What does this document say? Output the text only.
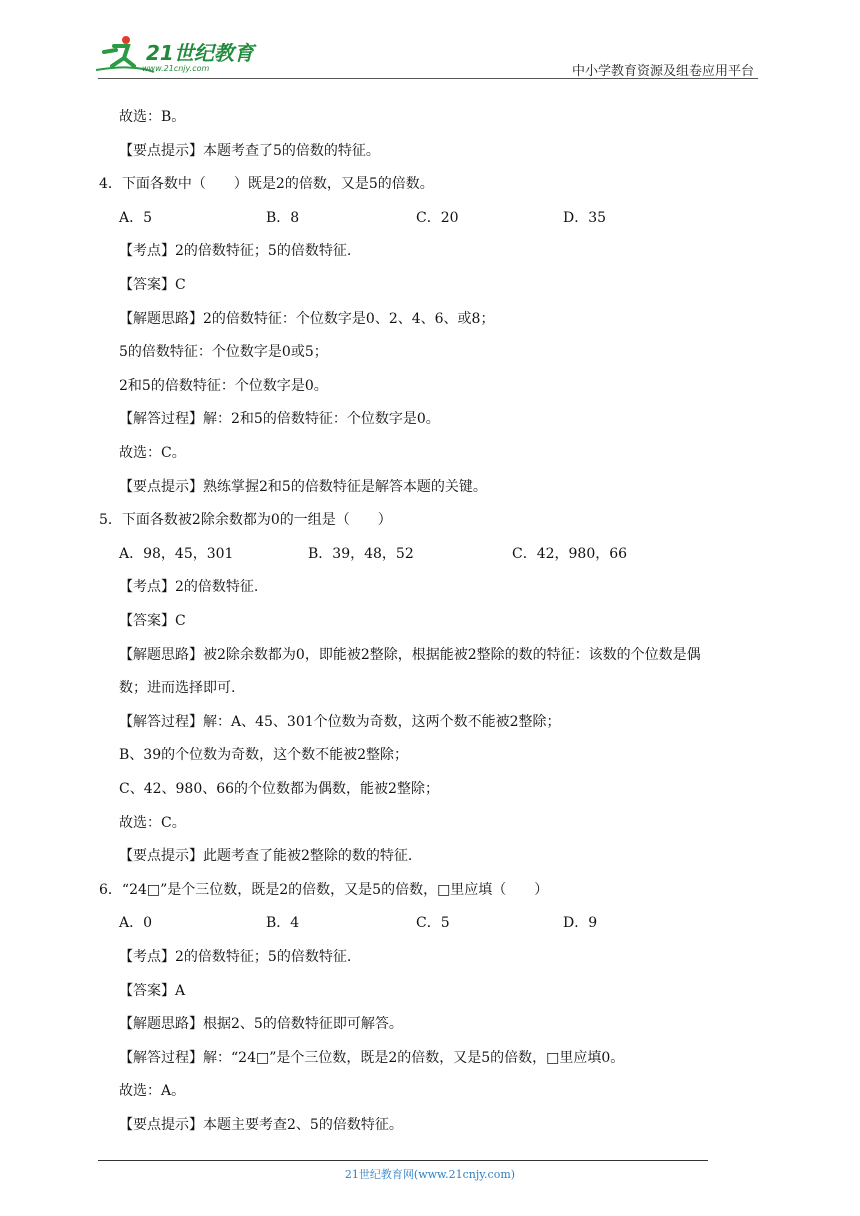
21世纪教育
www.21cnjy.com	中小学教育资源及组卷应用平台
故选：B。
【要点提示】本题考查了5的倍数的特征。
4．下面各数中（　　）既是2的倍数，又是5的倍数。
A．5	B．8	C．20	D．35
【考点】2的倍数特征；5的倍数特征.
【答案】C
【解题思路】2的倍数特征：个位数字是0、2、4、6、或8；
5的倍数特征：个位数字是0或5；
2和5的倍数特征：个位数字是0。
【解答过程】解：2和5的倍数特征：个位数字是0。
故选：C。
【要点提示】熟练掌握2和5的倍数特征是解答本题的关键。
5．下面各数被2除余数都为0的一组是（　　）
A．98，45，301	B．39，48，52	C．42，980，66
【考点】2的倍数特征.
【答案】C
【解题思路】被2除余数都为0，即能被2整除，根据能被2整除的数的特征：该数的个位数是偶
数；进而选择即可.
【解答过程】解：A、45、301个位数为奇数，这两个数不能被2整除；
B、39的个位数为奇数，这个数不能被2整除；
C、42、980、66的个位数都为偶数，能被2整除；
故选：C。
【要点提示】此题考查了能被2整除的数的特征.
6．“24□”是个三位数，既是2的倍数，又是5的倍数，□里应填（　　）
A．0	B．4	C．5	D．9
【考点】2的倍数特征；5的倍数特征.
【答案】A
【解题思路】根据2、5的倍数特征即可解答。
【解答过程】解：“24□”是个三位数，既是2的倍数，又是5的倍数，□里应填0。
故选：A。
【要点提示】本题主要考查2、5的倍数特征。
21世纪教育网(www.21cnjy.com)
